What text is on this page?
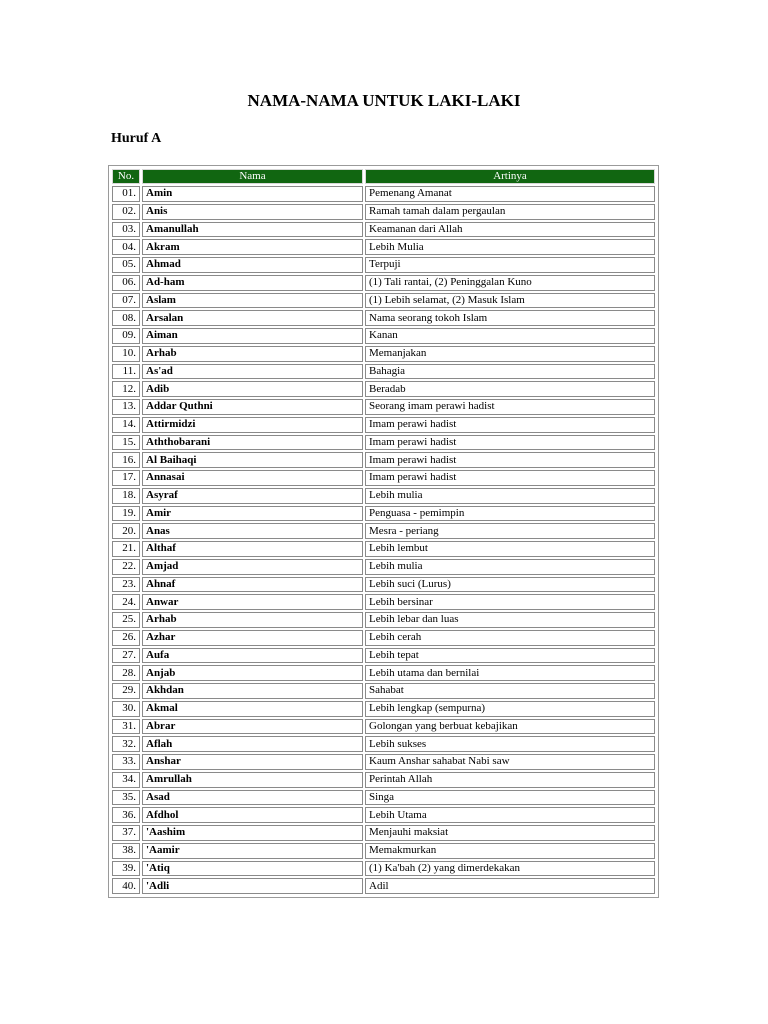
NAMA-NAMA UNTUK LAKI-LAKI
Huruf A
No.	Nama	Artinya
01.	Amin	Pemenang Amanat
02.	Anis	Ramah tamah dalam pergaulan
03.	Amanullah	Keamanan dari Allah
04.	Akram	Lebih Mulia
05.	Ahmad	Terpuji
06.	Ad-ham	(1) Tali rantai, (2) Peninggalan Kuno
07.	Aslam	(1) Lebih selamat, (2) Masuk Islam
08.	Arsalan	Nama seorang tokoh Islam
09.	Aiman	Kanan
10.	Arhab	Memanjakan
11.	As'ad	Bahagia
12.	Adib	Beradab
13.	Addar Quthni	Seorang imam perawi hadist
14.	Attirmidzi	Imam perawi hadist
15.	Aththobarani	Imam perawi hadist
16.	Al Baihaqi	Imam perawi hadist
17.	Annasai	Imam perawi hadist
18.	Asyraf	Lebih mulia
19.	Amir	Penguasa - pemimpin
20.	Anas	Mesra - periang
21.	Althaf	Lebih lembut
22.	Amjad	Lebih mulia
23.	Ahnaf	Lebih suci (Lurus)
24.	Anwar	Lebih bersinar
25.	Arhab	Lebih lebar dan luas
26.	Azhar	Lebih cerah
27.	Aufa	Lebih tepat
28.	Anjab	Lebih utama dan bernilai
29.	Akhdan	Sahabat
30.	Akmal	Lebih lengkap (sempurna)
31.	Abrar	Golongan yang berbuat kebajikan
32.	Aflah	Lebih sukses
33.	Anshar	Kaum Anshar sahabat Nabi saw
34.	Amrullah	Perintah Allah
35.	Asad	Singa
36.	Afdhol	Lebih Utama
37.	'Aashim	Menjauhi maksiat
38.	'Aamir	Memakmurkan
39.	'Atiq	(1) Ka'bah (2) yang dimerdekakan
40.	'Adli	Adil
